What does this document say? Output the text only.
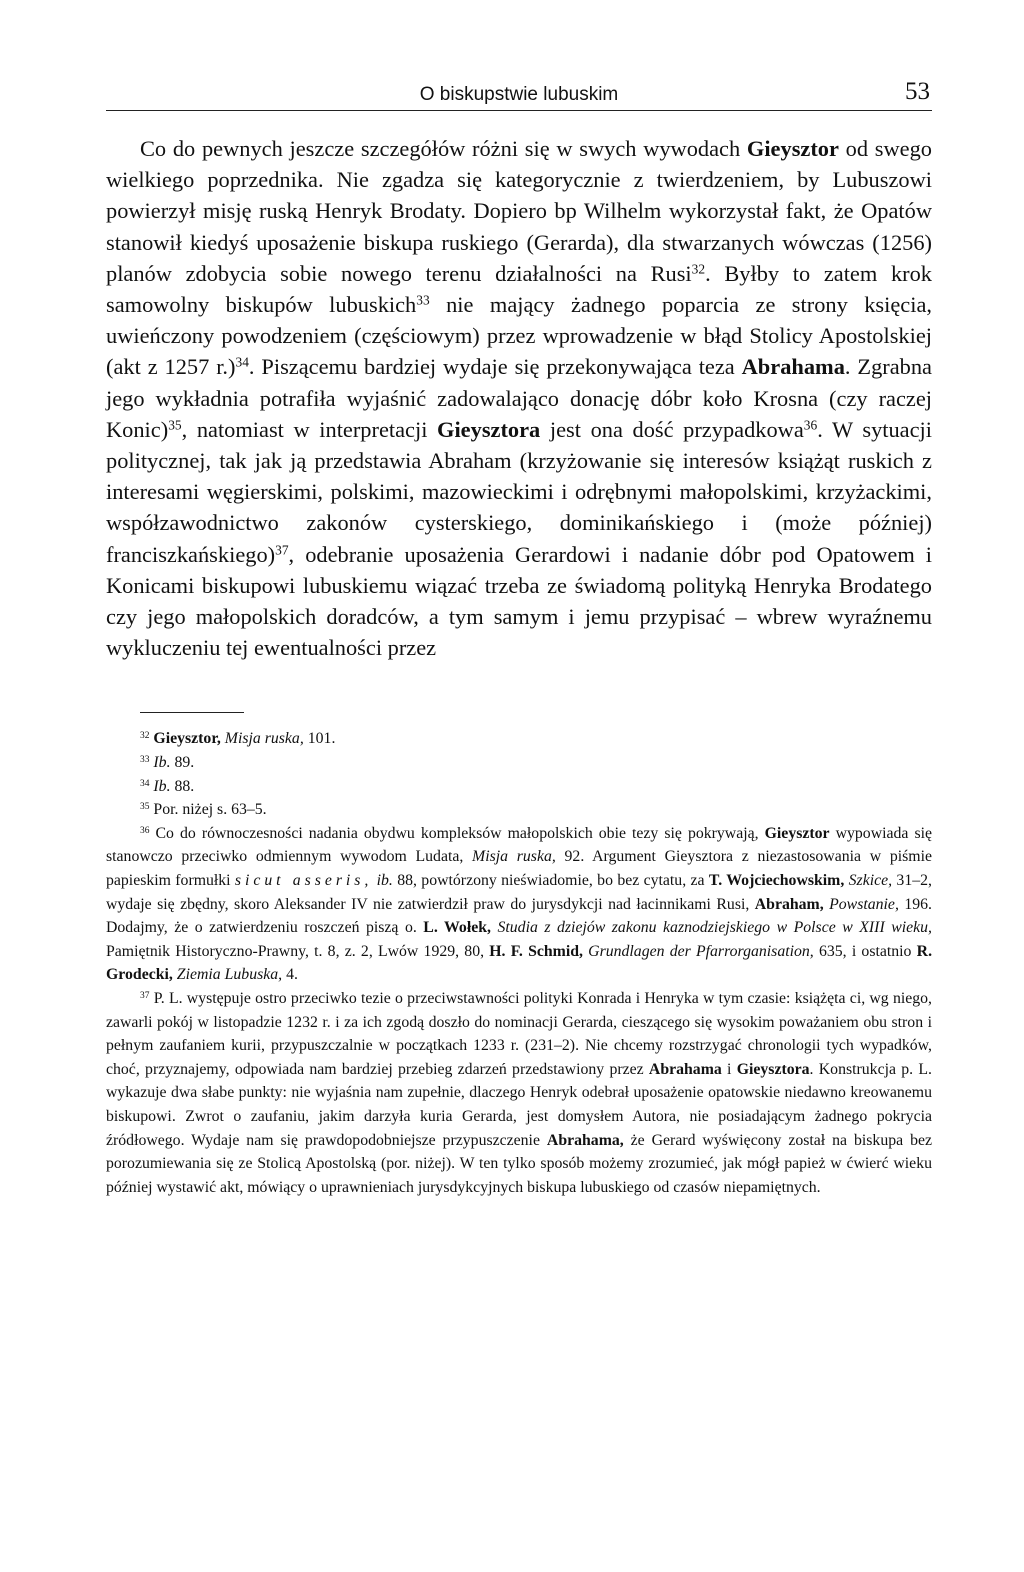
O biskupstwie lubuskim	53

Co do pewnych jeszcze szczegółów różni się w swych wywodach Gieysztor od swego wielkiego poprzednika. Nie zgadza się kategorycznie z twierdzeniem, by Lubuszowi powierzył misję ruską Henryk Brodaty. Dopiero bp Wilhelm wykorzystał fakt, że Opatów stanowił kiedyś uposażenie biskupa ruskiego (Gerarda), dla stwarzanych wówczas (1256) planów zdobycia sobie nowego terenu działalności na Rusi$^{32}$. Byłby to zatem krok samowolny biskupów lubuskich$^{33}$ nie mający żadnego poparcia ze strony księcia, uwieńczony powodzeniem (częściowym) przez wprowadzenie w błąd Stolicy Apostolskiej (akt z 1257 r.)$^{34}$. Piszącemu bardziej wydaje się przekonywająca teza Abrahama. Zgrabna jego wykładnia potrafiła wyjaśnić zadowalająco donację dóbr koło Krosna (czy raczej Konic)$^{35}$, natomiast w interpretacji Gieysztora jest ona dość przypadkowa$^{36}$. W sytuacji politycznej, tak jak ją przedstawia Abraham (krzyżowanie się interesów książąt ruskich z interesami węgierskimi, polskimi, mazowieckimi i odrębnymi małopolskimi, krzyżackimi, współzawodnictwo zakonów cysterskiego, dominikańskiego i (może później) franciszkańskiego)$^{37}$, odebranie uposażenia Gerardowi i nadanie dóbr pod Opatowem i Konicami biskupowi lubuskiemu wiązać trzeba ze świadomą polityką Henryka Brodatego czy jego małopolskich doradców, a tym samym i jemu przypisać – wbrew wyraźnemu wykluczeniu tej ewentualności przez

$^{32}$ Gieysztor, Misja ruska, 101.

$^{33}$ Ib. 89.

$^{34}$ Ib. 88.

$^{35}$ Por. niżej s. 63–5.

$^{36}$ Co do równoczesności nadania obydwu kompleksów małopolskich obie tezy się pokrywają, Gieysztor wypowiada się stanowczo przeciwko odmiennym wywodom Ludata, Misja ruska, 92. Argument Gieysztora z niezastosowania w piśmie papieskim formułki sicut asseris, ib. 88, powtórzony nieświadomie, bo bez cytatu, za T. Wojciechowskim, Szkice, 31–2, wydaje się zbędny, skoro Aleksander IV nie zatwierdził praw do jurysdykcji nad łacinnikami Rusi, Abraham, Powstanie, 196. Dodajmy, że o zatwierdzeniu roszczeń piszą o. L. Wołek, Studia z dziejów zakonu kaznodziejskiego w Polsce w XIII wieku, Pamiętnik Historyczno-Prawny, t. 8, z. 2, Lwów 1929, 80, H. F. Schmid, Grundlagen der Pfarrorganisation, 635, i ostatnio R. Grodecki, Ziemia Lubuska, 4.

$^{37}$ P. L. występuje ostro przeciwko tezie o przeciwstawności polityki Konrada i Henryka w tym czasie: książęta ci, wg niego, zawarli pokój w listopadzie 1232 r. i za ich zgodą doszło do nominacji Gerarda, cieszącego się wysokim poważaniem obu stron i pełnym zaufaniem kurii, przypuszczalnie w początkach 1233 r. (231–2). Nie chcemy rozstrzygać chronologii tych wypadków, choć, przyznajemy, odpowiada nam bardziej przebieg zdarzeń przedstawiony przez Abrahama i Gieysztora. Konstrukcja p. L. wykazuje dwa słabe punkty: nie wyjaśnia nam zupełnie, dlaczego Henryk odebrał uposażenie opatowskie niedawno kreowanemu biskupowi. Zwrot o zaufaniu, jakim darzyła kuria Gerarda, jest domysłem Autora, nie posiadającym żadnego pokrycia źródłowego. Wydaje nam się prawdopodobniejsze przypuszczenie Abrahama, że Gerard wyświęcony został na biskupa bez porozumiewania się ze Stolicą Apostolską (por. niżej). W ten tylko sposób możemy zrozumieć, jak mógł papież w ćwierć wieku później wystawić akt, mówiący o uprawnieniach jurysdykcyjnych biskupa lubuskiego od czasów niepamiętnych.
